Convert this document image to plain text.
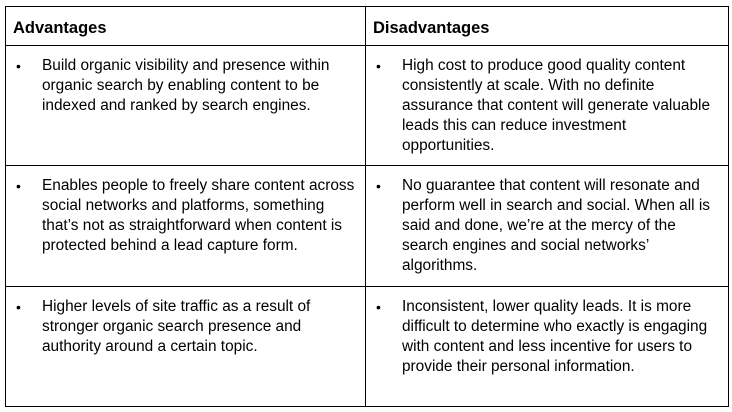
Advantages	Disadvantages

• Build organic visibility and presence within organic search by enabling content to be indexed and ranked by search engines.	• High cost to produce good quality content consistently at scale. With no definite assurance that content will generate valuable leads this can reduce investment opportunities.

• Enables people to freely share content across social networks and platforms, something that’s not as straightforward when content is protected behind a lead capture form.	• No guarantee that content will resonate and perform well in search and social. When all is said and done, we’re at the mercy of the search engines and social networks’ algorithms.

• Higher levels of site traffic as a result of stronger organic search presence and authority around a certain topic.	• Inconsistent, lower quality leads. It is more difficult to determine who exactly is engaging with content and less incentive for users to provide their personal information.
